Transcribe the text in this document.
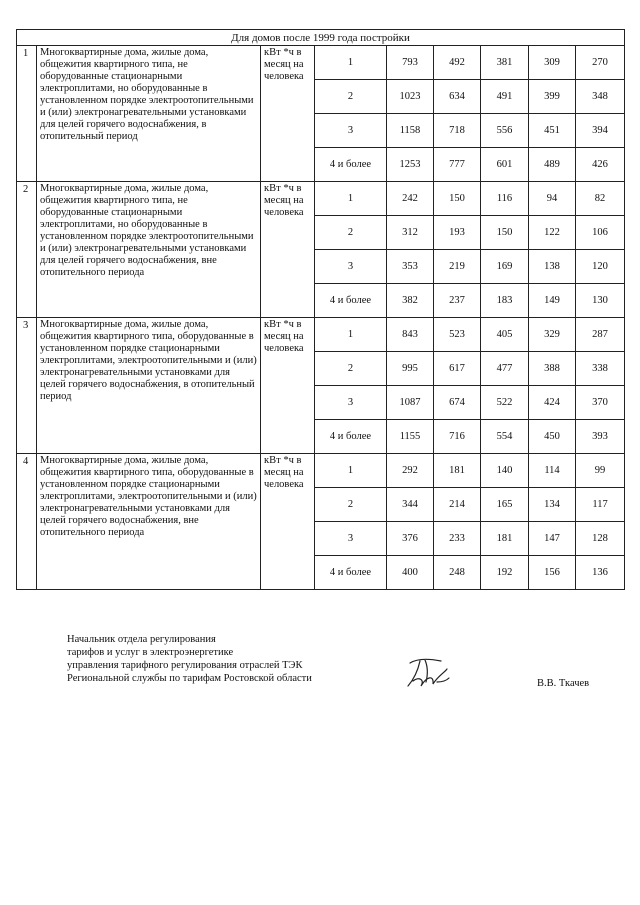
Для домов после 1999 года постройки								
1	Многоквартирные дома, жилые дома, общежития квартирного типа, не оборудованные стационарными электроплитами, но оборудованные в установленном порядке электроотопительными и (или) электронагревательными установками для целей горячего водоснабжения, в отопительный период	кВт *ч в месяц на человека	1	793	492	381	309	270
			2	1023	634	491	399	348
			3	1158	718	556	451	394
			4 и более	1253	777	601	489	426
2	Многоквартирные дома, жилые дома, общежития квартирного типа, не оборудованные стационарными электроплитами, но оборудованные в установленном порядке электроотопительными и (или) электронагревательными установками для целей горячего водоснабжения, вне отопительного периода	кВт *ч в месяц на человека	1	242	150	116	94	82
			2	312	193	150	122	106
			3	353	219	169	138	120
			4 и более	382	237	183	149	130
3	Многоквартирные дома, жилые дома, общежития квартирного типа, оборудованные в установленном порядке стационарными электроплитами, электроотопительными и (или) электронагревательными установками для целей горячего водоснабжения, в отопительный период	кВт *ч в месяц на человека	1	843	523	405	329	287
			2	995	617	477	388	338
			3	1087	674	522	424	370
			4 и более	1155	716	554	450	393
4	Многоквартирные дома, жилые дома, общежития квартирного типа, оборудованные в установленном порядке стационарными электроплитами, электроотопительными и (или) электронагревательными установками для целей горячего водоснабжения, вне отопительного периода	кВт *ч в месяц на человека	1	292	181	140	114	99
			2	344	214	165	134	117
			3	376	233	181	147	128
			4 и более	400	248	192	156	136
Начальник отдела регулирования
тарифов и услуг в электроэнергетике
управления тарифного регулирования отраслей ТЭК
Региональной службы по тарифам Ростовской области	В.В. Ткачев
